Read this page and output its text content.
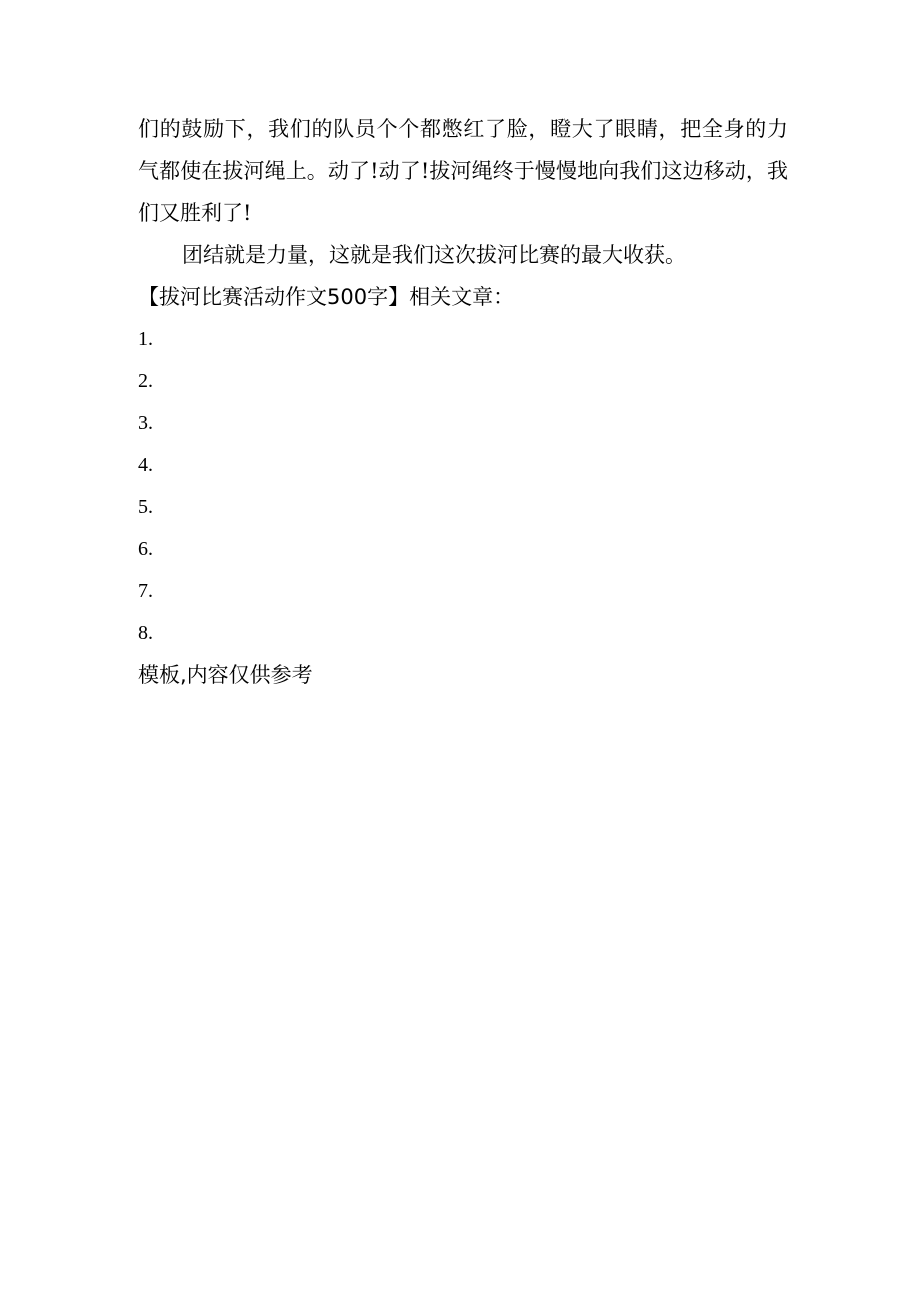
们的鼓励下，我们的队员个个都憋红了脸，瞪大了眼睛，把全身的力气都使在拔河绳上。动了!动了!拔河绳终于慢慢地向我们这边移动，我们又胜利了!

团结就是力量，这就是我们这次拔河比赛的最大收获。

【拔河比赛活动作文500字】相关文章：

1.
2.
3.
4.
5.
6.
7.
8.

模板,内容仅供参考
